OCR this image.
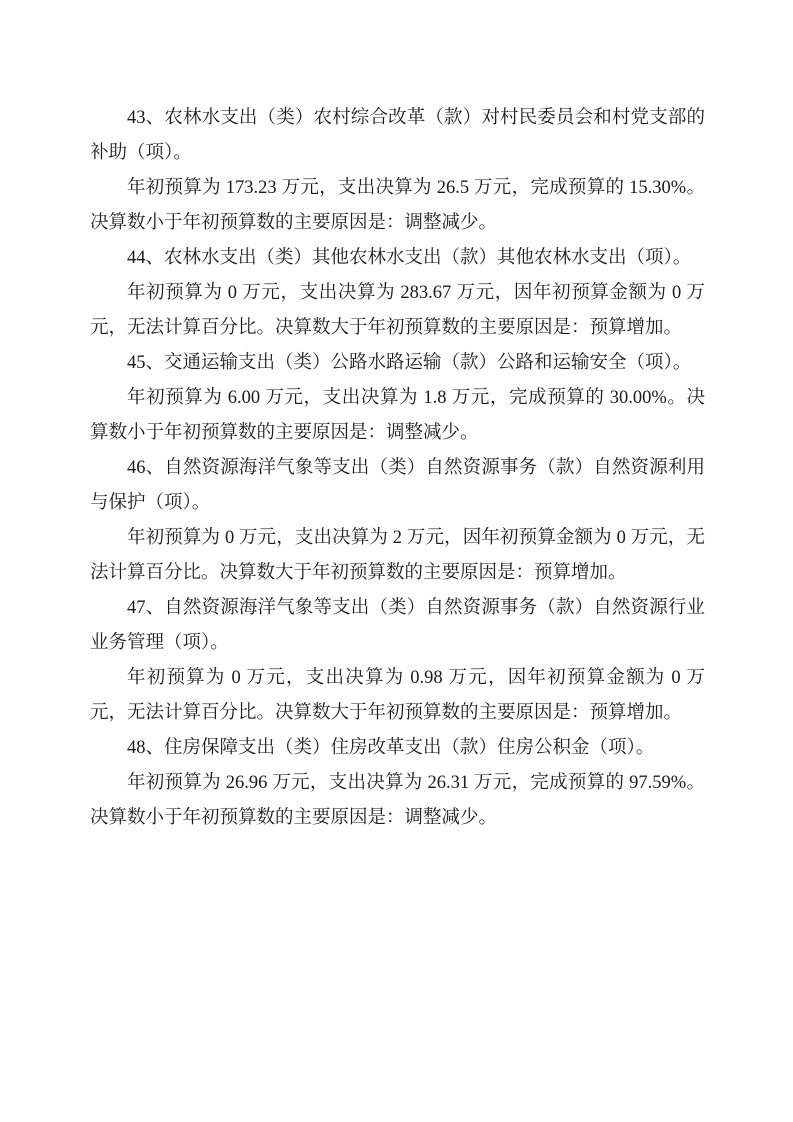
43、农林水支出（类）农村综合改革（款）对村民委员会和村党支部的补助（项）。

年初预算为 173.23 万元，支出决算为 26.5 万元，完成预算的 15.30%。决算数小于年初预算数的主要原因是：调整减少。

44、农林水支出（类）其他农林水支出（款）其他农林水支出（项）。

年初预算为 0 万元，支出决算为 283.67 万元，因年初预算金额为 0 万元，无法计算百分比。决算数大于年初预算数的主要原因是：预算增加。

45、交通运输支出（类）公路水路运输（款）公路和运输安全（项）。

年初预算为 6.00 万元，支出决算为 1.8 万元，完成预算的 30.00%。决算数小于年初预算数的主要原因是：调整减少。

46、自然资源海洋气象等支出（类）自然资源事务（款）自然资源利用与保护（项）。

年初预算为 0 万元，支出决算为 2 万元，因年初预算金额为 0 万元，无法计算百分比。决算数大于年初预算数的主要原因是：预算增加。

47、自然资源海洋气象等支出（类）自然资源事务（款）自然资源行业业务管理（项）。

年初预算为 0 万元，支出决算为 0.98 万元，因年初预算金额为 0 万元，无法计算百分比。决算数大于年初预算数的主要原因是：预算增加。

48、住房保障支出（类）住房改革支出（款）住房公积金（项）。

年初预算为 26.96 万元，支出决算为 26.31 万元，完成预算的 97.59%。决算数小于年初预算数的主要原因是：调整减少。
